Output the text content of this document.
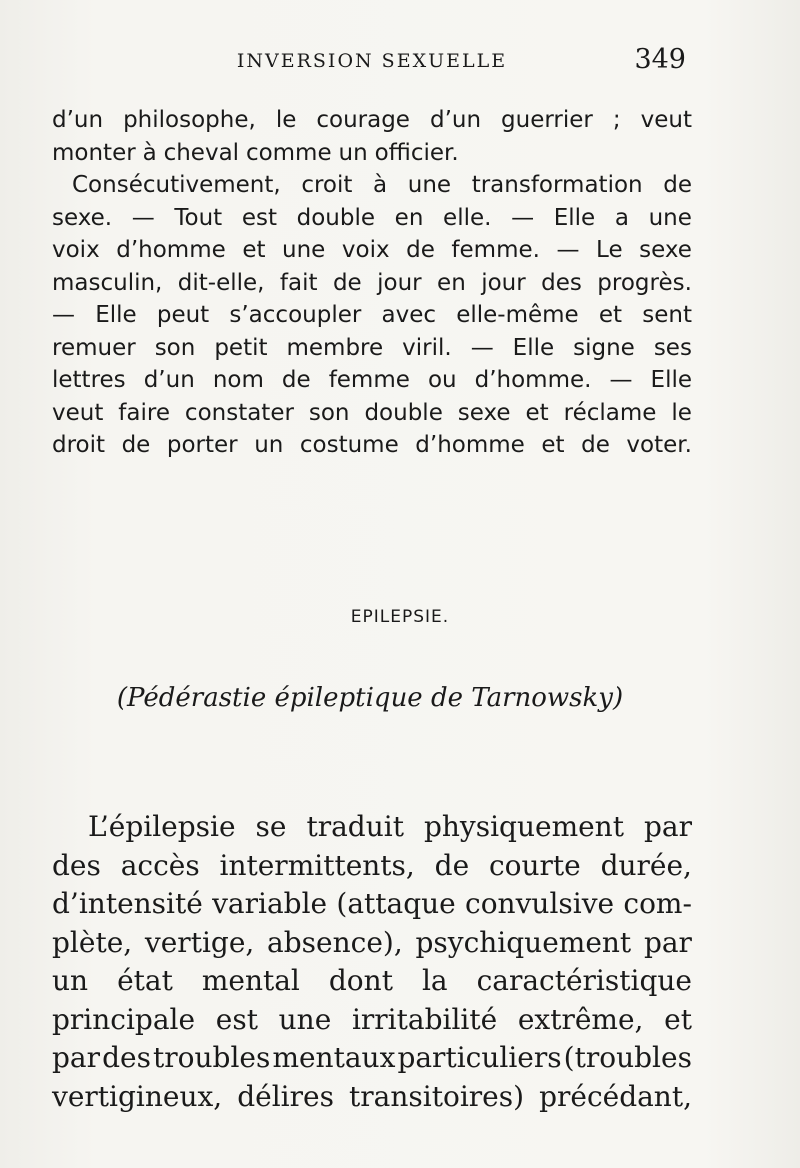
INVERSION SEXUELLE	349
d’un philosophe, le courage d’un guerrier ; veut
monter à cheval comme un officier.
Consécutivement, croit à une transformation de
sexe. — Tout est double en elle. — Elle a une
voix d’homme et une voix de femme. — Le sexe
masculin, dit-elle, fait de jour en jour des progrès.
— Elle peut s’accoupler avec elle-même et sent
remuer son petit membre viril. — Elle signe ses
lettres d’un nom de femme ou d’homme. — Elle
veut faire constater son double sexe et réclame le
droit de porter un costume d’homme et de voter.
EPILEPSIE.
(Pédérastie épileptique de Tarnowsky)
L’épilepsie se traduit physiquement par
des accès intermittents, de courte durée,
d’intensité variable (attaque convulsive com-
plète, vertige, absence), psychiquement par
un état mental dont la caractéristique
principale est une irritabilité extrême, et
par des troubles mentaux particuliers (troubles
vertigineux, délires transitoires) précédant,
